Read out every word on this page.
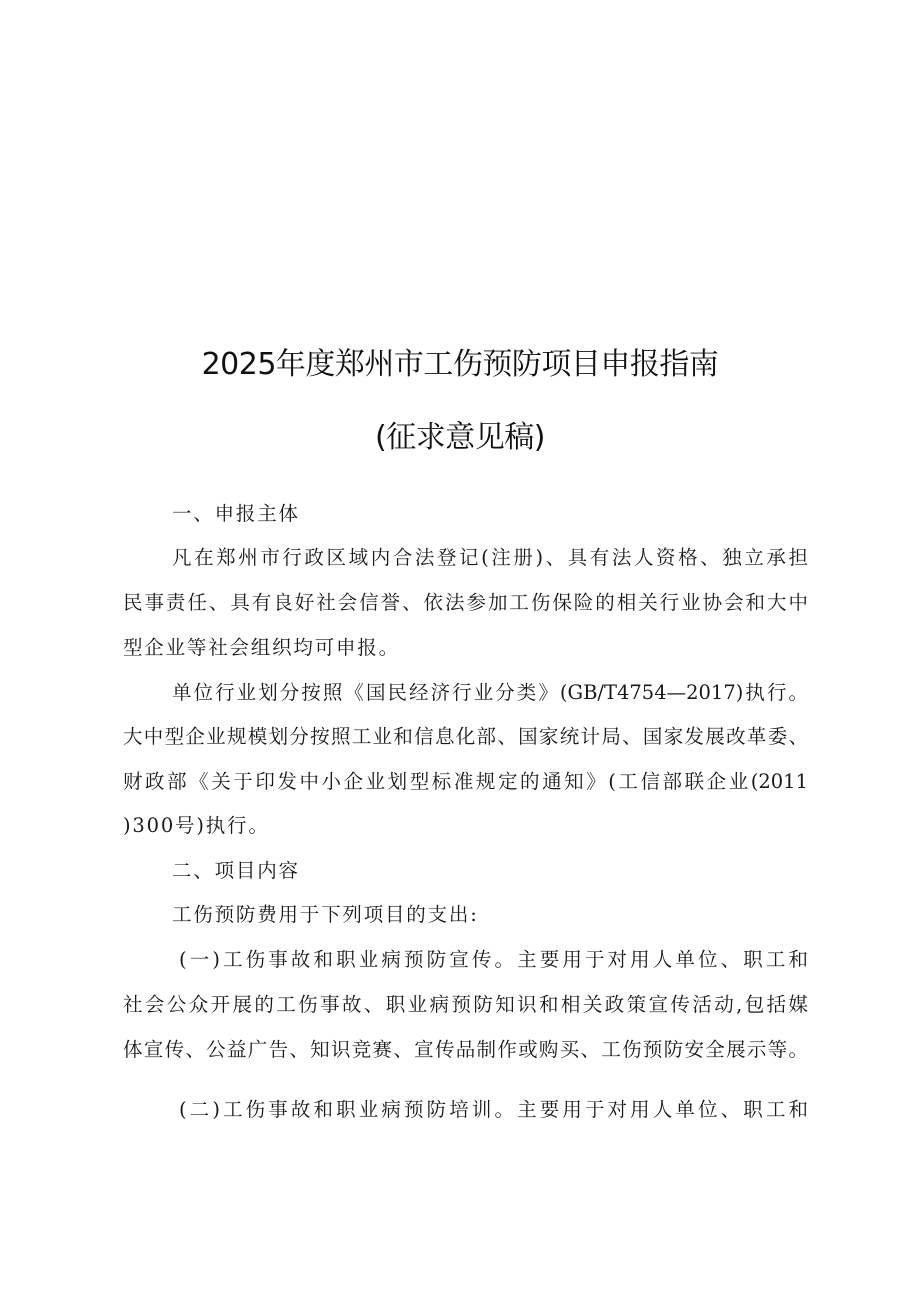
2025年度郑州市工伤预防项目申报指南
(征求意见稿)
一、申报主体
凡在郑州市行政区域内合法登记(注册)、具有法人资格、独立承担
民事责任、具有良好社会信誉、依法参加工伤保险的相关行业协会和大中
型企业等社会组织均可申报。
单位行业划分按照《国民经济行业分类》(GB/T4754—2017)执行。
大中型企业规模划分按照工业和信息化部、国家统计局、国家发展改革委、
财政部《关于印发中小企业划型标准规定的通知》(工信部联企业(2011
)300号)执行。
二、项目内容
工伤预防费用于下列项目的支出:
(一)工伤事故和职业病预防宣传。主要用于对用人单位、职工和
社会公众开展的工伤事故、职业病预防知识和相关政策宣传活动,包括媒
体宣传、公益广告、知识竞赛、宣传品制作或购买、工伤预防安全展示等。
(二)工伤事故和职业病预防培训。主要用于对用人单位、职工和
